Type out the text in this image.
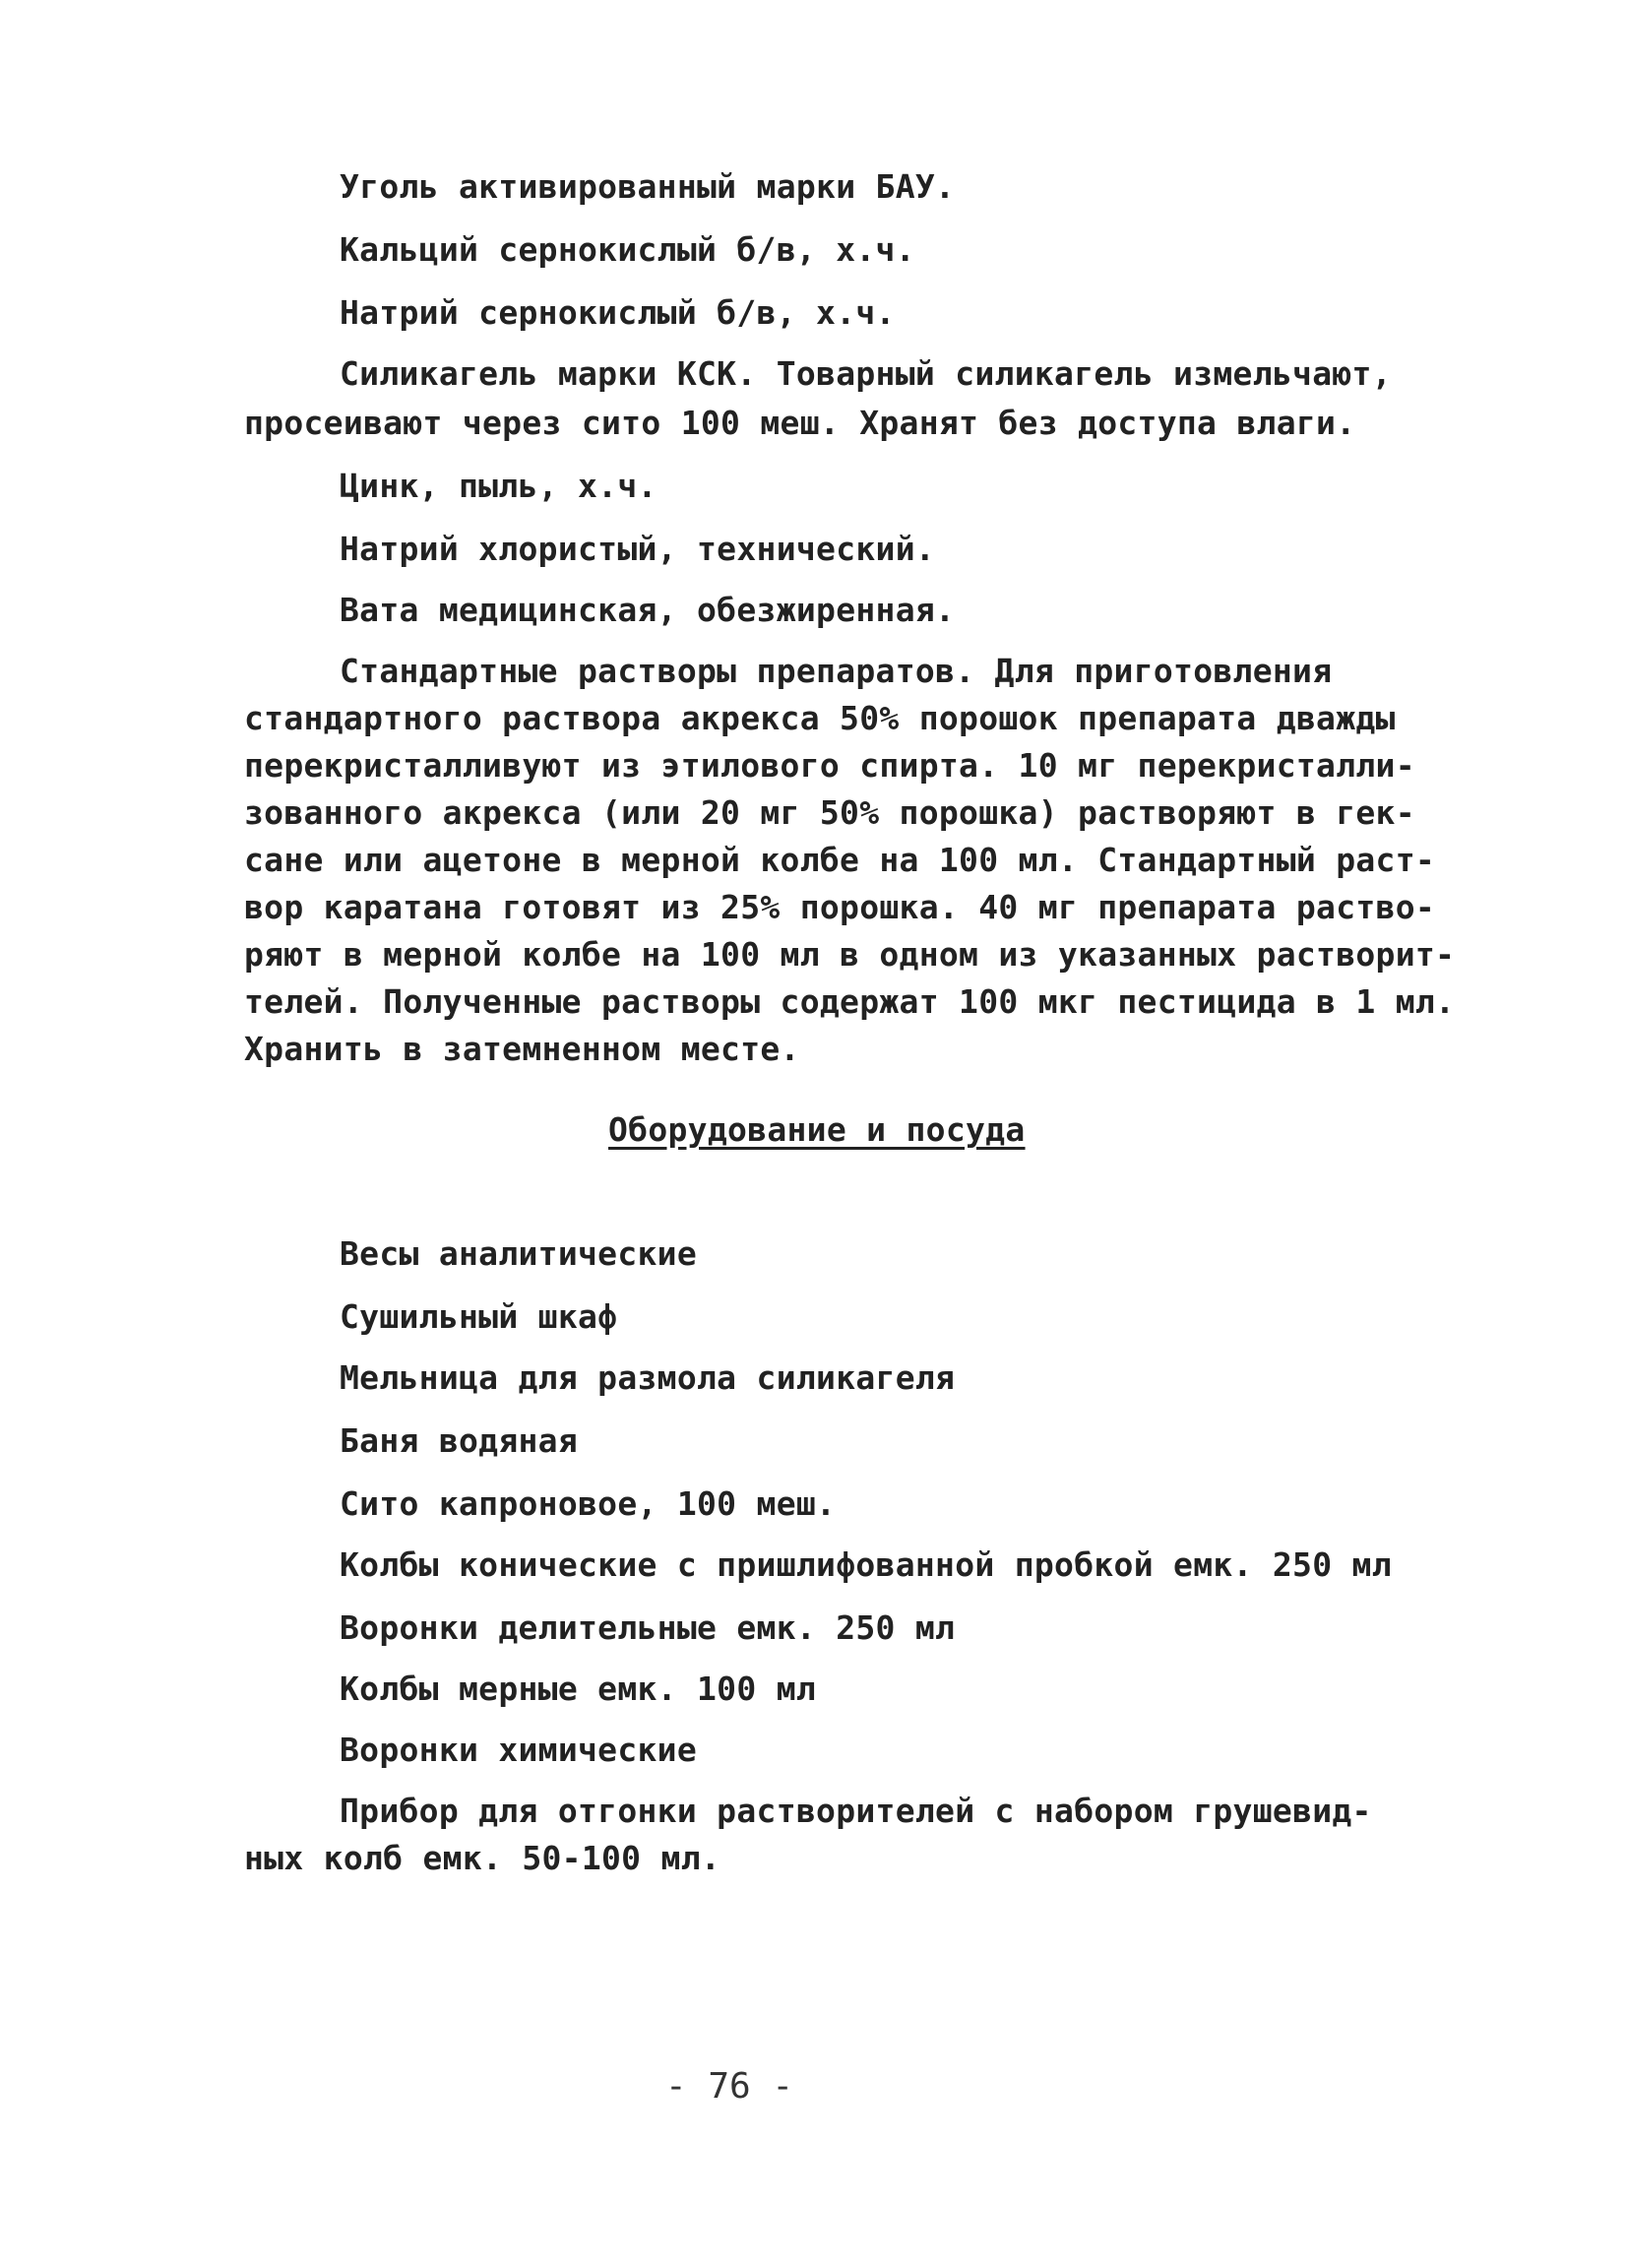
Уголь активированный марки БАУ.
Кальций сернокислый б/в, х.ч.
Натрий сернокислый б/в, х.ч.
Силикагель марки КСК. Товарный силикагель измельчают,
просеивают через сито 100 меш. Хранят без доступа влаги.
Цинк, пыль, х.ч.
Натрий хлористый, технический.
Вата медицинская, обезжиренная.
Стандартные растворы препаратов. Для приготовления
стандартного раствора акрекса 50% порошок препарата дважды
перекристалливуют из этилового спирта. 10 мг перекристалли-
зованного акрекса (или 20 мг 50% порошка) растворяют в гек-
сане или ацетоне в мерной колбе на 100 мл. Стандартный раст-
вор каратана готовят из 25% порошка. 40 мг препарата раство-
ряют в мерной колбе на 100 мл в одном из указанных растворит-
телей. Полученные растворы содержат 100 мкг пестицида в 1 мл.
Хранить в затемненном месте.
Оборудование и посуда
Весы аналитические
Сушильный шкаф
Мельница для размола силикагеля
Баня водяная
Сито капроновое, 100 меш.
Колбы конические с пришлифованной пробкой емк. 250 мл
Воронки делительные емк. 250 мл
Колбы мерные емк. 100 мл
Воронки химические
Прибор для отгонки растворителей с набором грушевид-
ных колб емк. 50-100 мл.
- 76 -
